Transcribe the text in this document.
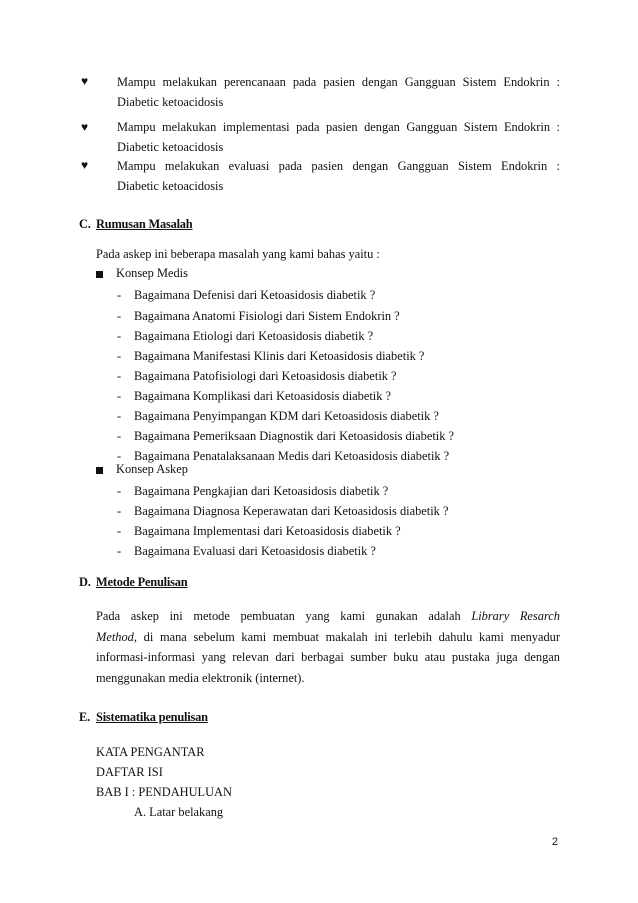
♥ Mampu melakukan perencanaan pada pasien dengan Gangguan Sistem Endokrin :
Diabetic ketoacidosis
♥ Mampu melakukan implementasi pada pasien dengan Gangguan Sistem Endokrin :
Diabetic ketoacidosis
♥ Mampu melakukan evaluasi pada pasien dengan Gangguan Sistem Endokrin :
Diabetic ketoacidosis
C. Rumusan Masalah
Pada askep ini beberapa masalah yang kami bahas yaitu :
Konsep Medis
- Bagaimana Defenisi dari Ketoasidosis diabetik ?
- Bagaimana Anatomi Fisiologi dari Sistem Endokrin ?
- Bagaimana Etiologi dari Ketoasidosis diabetik ?
- Bagaimana Manifestasi Klinis dari Ketoasidosis diabetik ?
- Bagaimana Patofisiologi dari Ketoasidosis diabetik ?
- Bagaimana Komplikasi dari Ketoasidosis diabetik ?
- Bagaimana Penyimpangan KDM dari Ketoasidosis diabetik ?
- Bagaimana Pemeriksaan Diagnostik dari Ketoasidosis diabetik ?
- Bagaimana Penatalaksanaan Medis dari Ketoasidosis diabetik ?
Konsep Askep
- Bagaimana Pengkajian dari Ketoasidosis diabetik ?
- Bagaimana Diagnosa Keperawatan dari Ketoasidosis diabetik ?
- Bagaimana Implementasi dari Ketoasidosis diabetik ?
- Bagaimana Evaluasi dari Ketoasidosis diabetik ?
D. Metode Penulisan
Pada askep ini metode pembuatan yang kami gunakan adalah Library Resarch
Method, di mana sebelum kami membuat makalah ini terlebih dahulu kami menyadur
informasi-informasi yang relevan dari berbagai sumber buku atau pustaka juga dengan
menggunakan media elektronik (internet).
E. Sistematika penulisan
KATA PENGANTAR
DAFTAR ISI
BAB I : PENDAHULUAN
A. Latar belakang
2
